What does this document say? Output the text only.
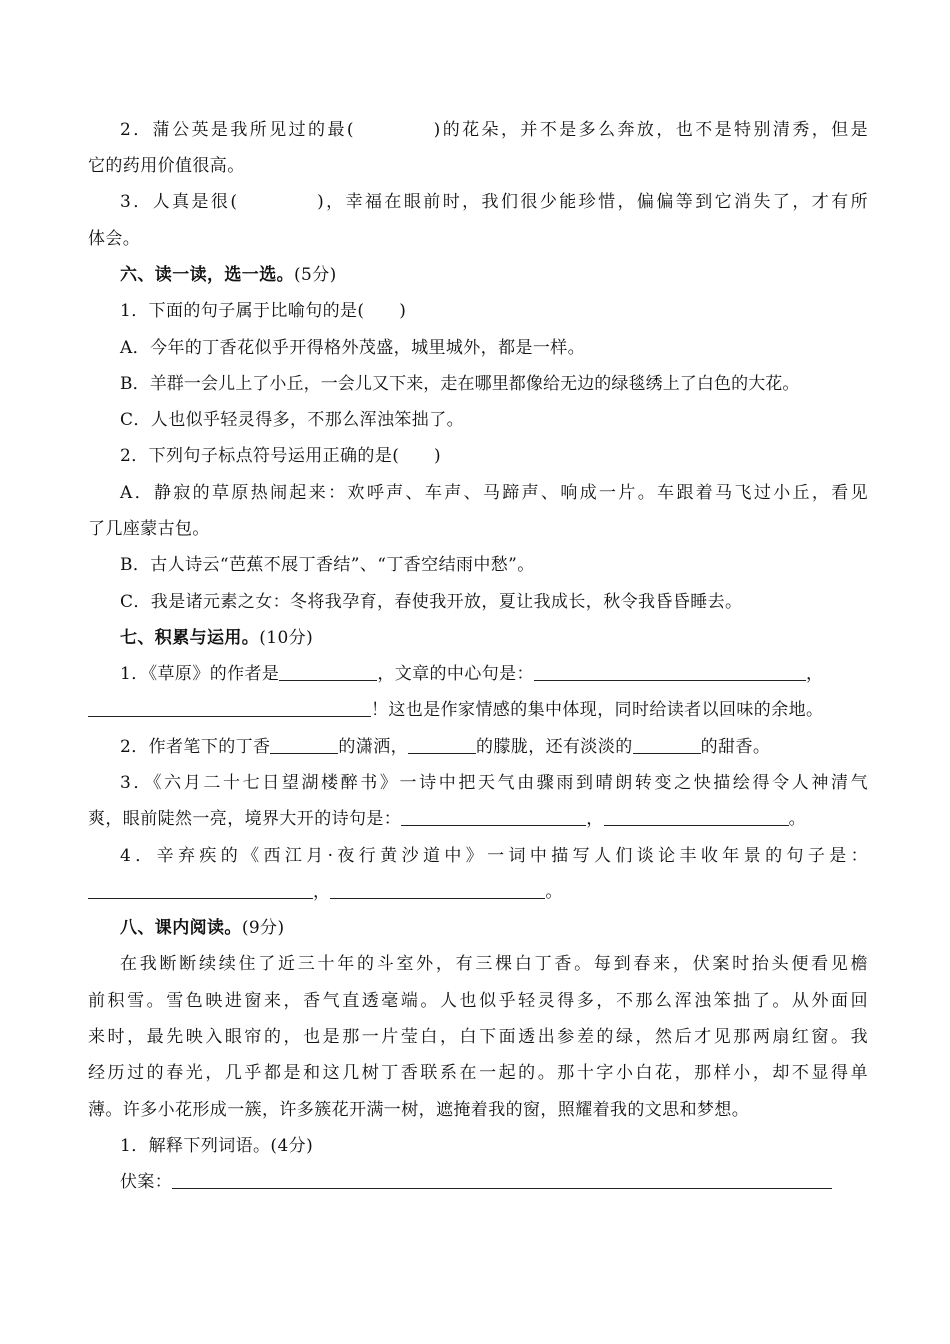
2．蒲公英是我所见过的最(　　　　)的花朵，并不是多么奔放，也不是特别清秀，但是
它的药用价值很高。
3．人真是很(　　　　)，幸福在眼前时，我们很少能珍惜，偏偏等到它消失了，才有所
体会。
六、读一读，选一选。(5分)
1．下面的句子属于比喻句的是(　　)
A．今年的丁香花似乎开得格外茂盛，城里城外，都是一样。
B．羊群一会儿上了小丘，一会儿又下来，走在哪里都像给无边的绿毯绣上了白色的大花。
C．人也似乎轻灵得多，不那么浑浊笨拙了。
2．下列句子标点符号运用正确的是(　　)
A．静寂的草原热闹起来：欢呼声、车声、马蹄声、响成一片。车跟着马飞过小丘，看见
了几座蒙古包。
B．古人诗云“芭蕉不展丁香结”、“丁香空结雨中愁”。
C．我是诸元素之女：冬将我孕育，春使我开放，夏让我成长，秋令我昏昏睡去。
七、积累与运用。(10分)
1．《草原》的作者是	，文章的中心句是：	，
！这也是作家情感的集中体现，同时给读者以回味的余地。
2．作者笔下的丁香	的潇洒，	的朦胧，还有淡淡的	的甜香。
3．《六月二十七日望湖楼醉书》一诗中把天气由骤雨到晴朗转变之快描绘得令人神清气
爽，眼前陡然一亮，境界大开的诗句是：	，	。
4．辛弃疾的《西江月·夜行黄沙道中》一词中描写人们谈论丰收年景的句子是：
，	。
八、课内阅读。(9分)
在我断断续续住了近三十年的斗室外，有三棵白丁香。每到春来，伏案时抬头便看见檐
前积雪。雪色映进窗来，香气直透毫端。人也似乎轻灵得多，不那么浑浊笨拙了。从外面回
来时，最先映入眼帘的，也是那一片莹白，白下面透出参差的绿，然后才见那两扇红窗。我
经历过的春光，几乎都是和这几树丁香联系在一起的。那十字小白花，那样小，却不显得单
薄。许多小花形成一簇，许多簇花开满一树，遮掩着我的窗，照耀着我的文思和梦想。
1．解释下列词语。(4分)
伏案：
